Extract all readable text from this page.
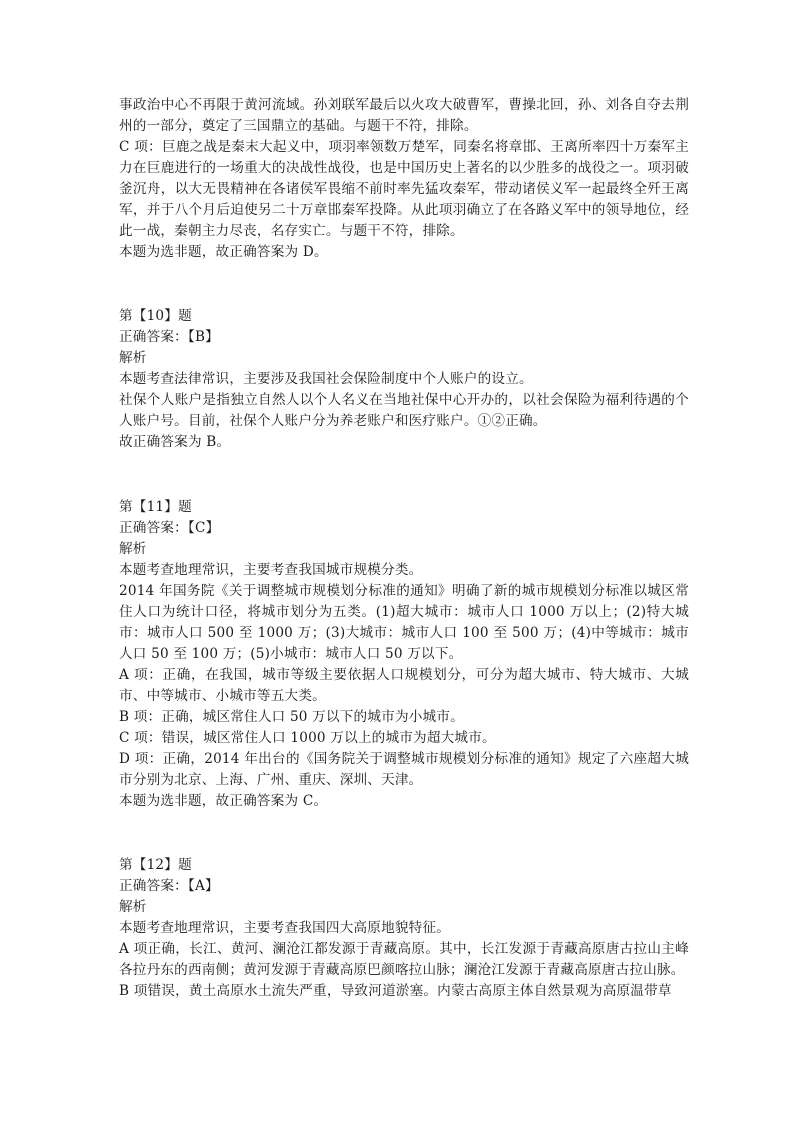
事政治中心不再限于黄河流域。孙刘联军最后以火攻大破曹军，曹操北回，孙、刘各自夺去荆州的一部分，奠定了三国鼎立的基础。与题干不符，排除。

C 项：巨鹿之战是秦末大起义中，项羽率领数万楚军，同秦名将章邯、王离所率四十万秦军主力在巨鹿进行的一场重大的决战性战役，也是中国历史上著名的以少胜多的战役之一。项羽破釜沉舟，以大无畏精神在各诸侯军畏缩不前时率先猛攻秦军，带动诸侯义军一起最终全歼王离军，并于八个月后迫使另二十万章邯秦军投降。从此项羽确立了在各路义军中的领导地位，经此一战，秦朝主力尽丧，名存实亡。与题干不符，排除。

本题为选非题，故正确答案为 D。

第【10】题

正确答案：【B】

解析

本题考查法律常识，主要涉及我国社会保险制度中个人账户的设立。

社保个人账户是指独立自然人以个人名义在当地社保中心开办的，以社会保险为福利待遇的个人账户号。目前，社保个人账户分为养老账户和医疗账户。①②正确。

故正确答案为 B。

第【11】题

正确答案：【C】

解析

本题考查地理常识，主要考查我国城市规模分类。

2014 年国务院《关于调整城市规模划分标准的通知》明确了新的城市规模划分标准以城区常住人口为统计口径，将城市划分为五类。(1)超大城市：城市人口 1000 万以上；(2)特大城市：城市人口 500 至 1000 万；(3)大城市：城市人口 100 至 500 万；(4)中等城市：城市人口 50 至 100 万；(5)小城市：城市人口 50 万以下。

A 项：正确，在我国，城市等级主要依据人口规模划分，可分为超大城市、特大城市、大城市、中等城市、小城市等五大类。

B 项：正确，城区常住人口 50 万以下的城市为小城市。

C 项：错误，城区常住人口 1000 万以上的城市为超大城市。

D 项：正确，2014 年出台的《国务院关于调整城市规模划分标准的通知》规定了六座超大城市分别为北京、上海、广州、重庆、深圳、天津。

本题为选非题，故正确答案为 C。

第【12】题

正确答案：【A】

解析

本题考查地理常识，主要考查我国四大高原地貌特征。

A 项正确，长江、黄河、澜沧江都发源于青藏高原。其中，长江发源于青藏高原唐古拉山主峰各拉丹东的西南侧；黄河发源于青藏高原巴颜喀拉山脉；澜沧江发源于青藏高原唐古拉山脉。

B 项错误，黄土高原水土流失严重，导致河道淤塞。内蒙古高原主体自然景观为高原温带草
